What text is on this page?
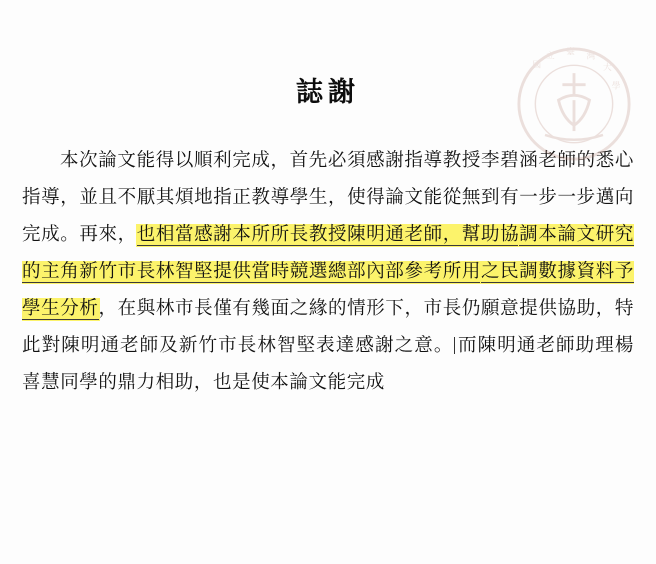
國
立 臺 灣
大
學
誌謝
本次論文能得以順利完成，首先必須感謝指導教授李碧涵老師的悉心指導，並且不厭其煩地指正教導學生，使得論文能從無到有一步一步邁向完成。再來，也相當感謝本所所長教授陳明通老師，幫助協調本論文研究的主角新竹市長林智堅提供當時競選總部內部參考所用之民調數據資料予學生分析，在與林市長僅有幾面之緣的情形下，市長仍願意提供協助，特此對陳明通老師及新竹市長林智堅表達感謝之意。 而陳明通老師助理楊喜慧同學的鼎力相助，也是使本論文能完成
